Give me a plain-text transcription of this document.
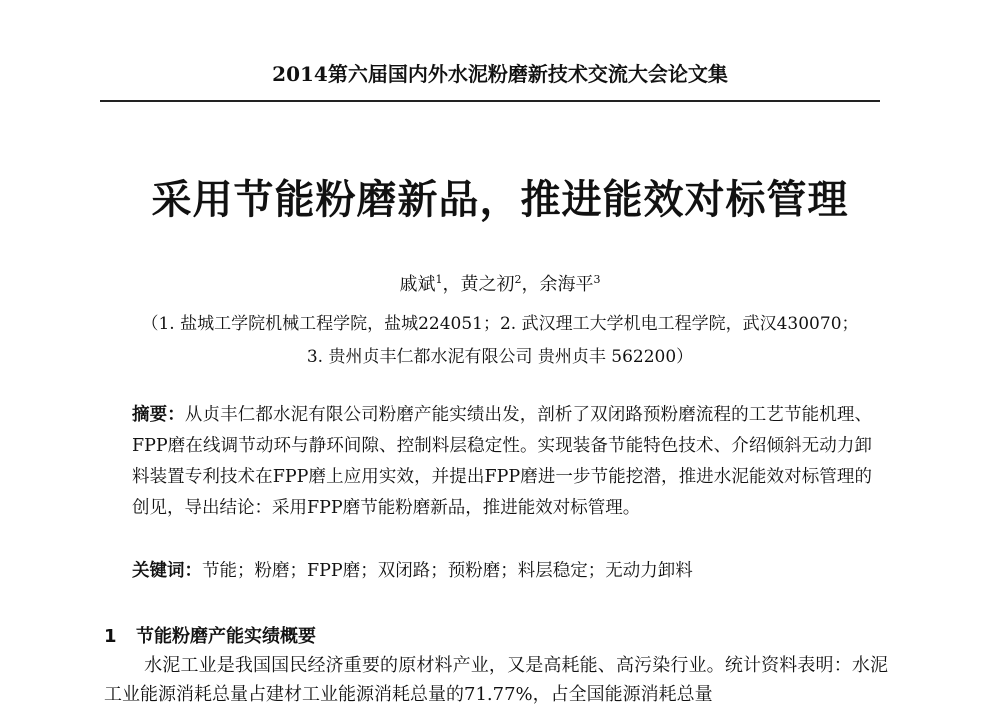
2014第六届国内外水泥粉磨新技术交流大会论文集
采用节能粉磨新品，推进能效对标管理
戚斌$^1$，黄之初$^2$，余海平$^3$
（1. 盐城工学院机械工程学院，盐城224051；2. 武汉理工大学机电工程学院，武汉430070；
3. 贵州贞丰仁都水泥有限公司 贵州贞丰 562200）
摘要：从贞丰仁都水泥有限公司粉磨产能实绩出发，剖析了双闭路预粉磨流程的工艺节能机理、FPP磨在线调节动环与静环间隙、控制料层稳定性。实现装备节能特色技术、介绍倾斜无动力卸料装置专利技术在FPP磨上应用实效，并提出FPP磨进一步节能挖潜，推进水泥能效对标管理的创见，导出结论：采用FPP磨节能粉磨新品，推进能效对标管理。
关键词：节能；粉磨；FPP磨；双闭路；预粉磨；料层稳定；无动力卸料
1 节能粉磨产能实绩概要
水泥工业是我国国民经济重要的原材料产业，又是高耗能、高污染行业。统计资料表明：水泥工业能源消耗总量占建材工业能源消耗总量的71.77%，占全国能源消耗总量
